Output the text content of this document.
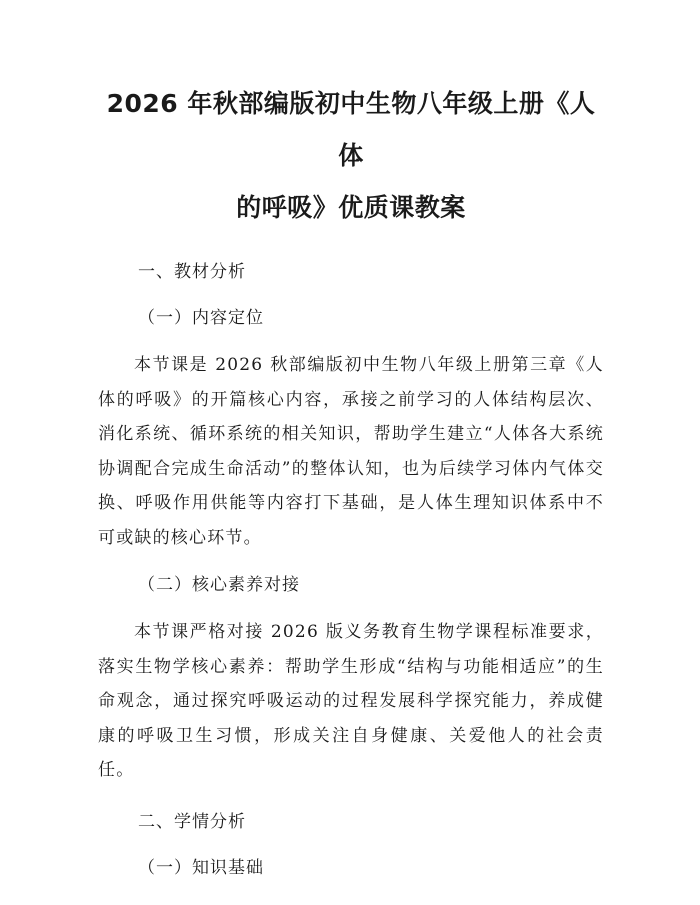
2026 年秋部编版初中生物八年级上册《人体
的呼吸》优质课教案
一、教材分析
（一）内容定位

本节课是 2026 秋部编版初中生物八年级上册第三章《人体的呼吸》的开篇核心内容，承接之前学习的人体结构层次、消化系统、循环系统的相关知识，帮助学生建立“人体各大系统协调配合完成生命活动”的整体认知，也为后续学习体内气体交换、呼吸作用供能等内容打下基础，是人体生理知识体系中不可或缺的核心环节。

（二）核心素养对接

本节课严格对接 2026 版义务教育生物学课程标准要求，落实生物学核心素养：帮助学生形成“结构与功能相适应”的生命观念，通过探究呼吸运动的过程发展科学探究能力，养成健康的呼吸卫生习惯，形成关注自身健康、关爱他人的社会责任。

二、学情分析
（一）知识基础
